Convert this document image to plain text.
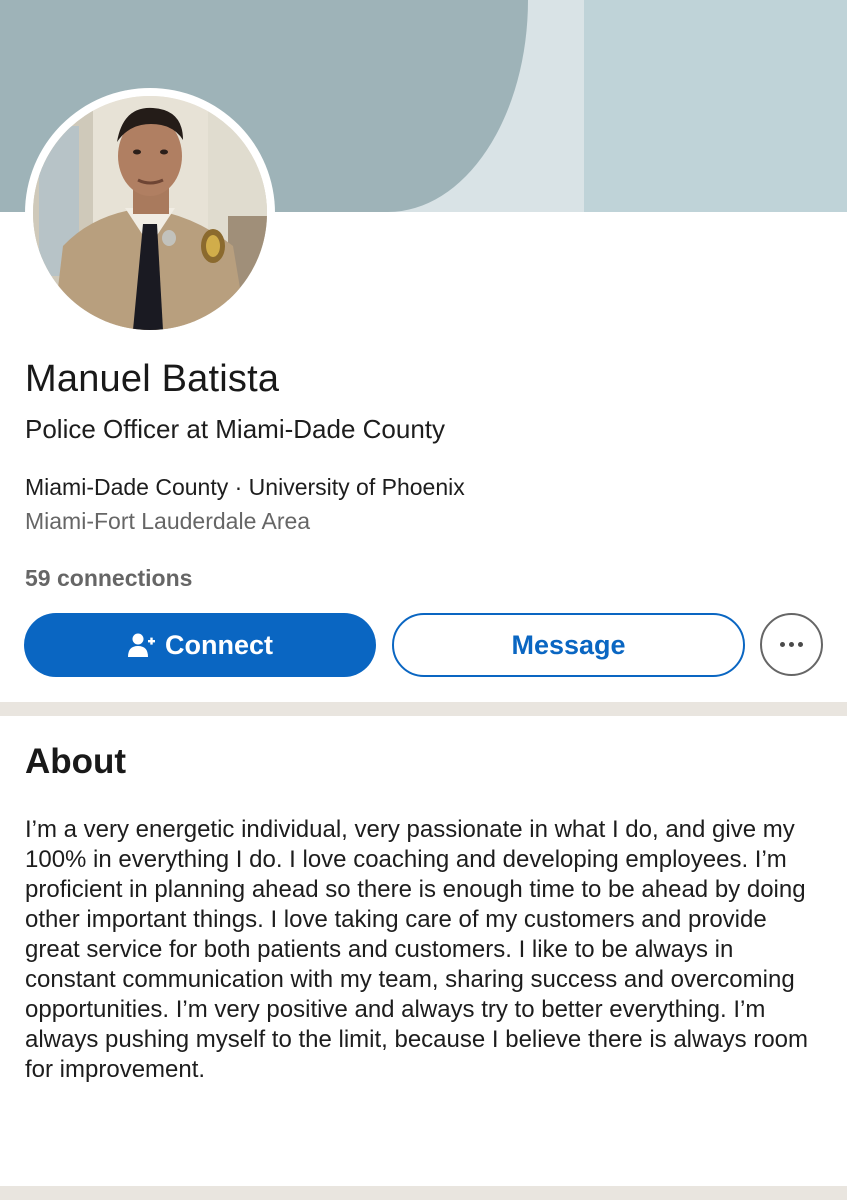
Manuel Batista
Police Officer at Miami-Dade County
Miami-Dade County · University of Phoenix
Miami-Fort Lauderdale Area
59 connections
Connect	Message
About

I’m a very energetic individual, very passionate in what I do, and give my 100% in everything I do. I love coaching and developing employees. I’m proficient in planning ahead so there is enough time to be ahead by doing other important things. I love taking care of my customers and provide great service for both patients and customers. I like to be always in constant communication with my team, sharing success and overcoming opportunities. I’m very positive and always try to better everything. I’m always pushing myself to the limit, because I believe there is always room for improvement.
